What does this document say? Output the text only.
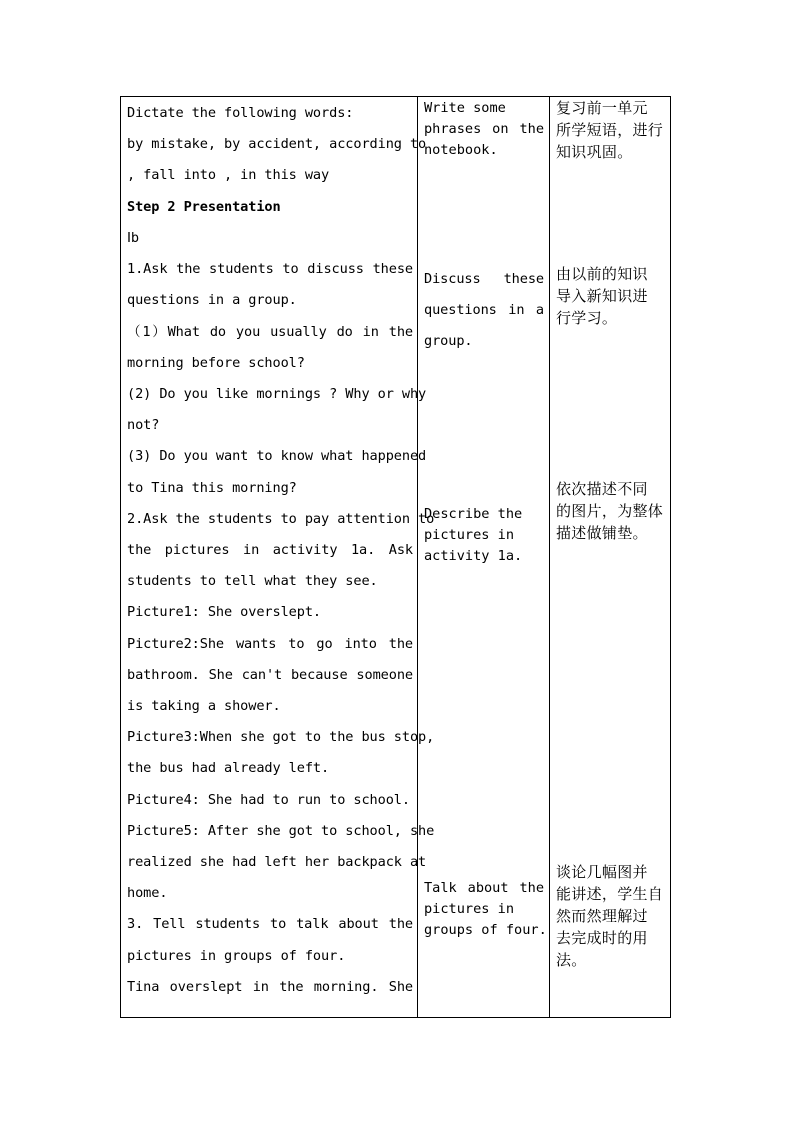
Dictate the following words:
by mistake, by accident, according to
, fall into , in this way
Step 2 Presentation
Ⅰb
1.Ask the students to discuss these
questions in a group.
（1）What do you usually do in the
morning before school?
(2) Do you like mornings ? Why or why
not?
(3) Do you want to know what happened
to Tina this morning?
2.Ask the students to pay attention to
the pictures in activity 1a. Ask
students to tell what they see.
Picture1: She overslept.
Picture2:She wants to go into the
bathroom. She can't because someone
is taking a shower.
Picture3:When she got to the bus stop,
the bus had already left.
Picture4: She had to run to school.
Picture5: After she got to school, she
realized she had left her backpack at
home.
3. Tell students to talk about the
pictures in groups of four.
Tina overslept in the morning. She
Write some
phrases on the
notebook.
Discuss these
questions in a
group.
Describe the
pictures in
activity 1a.
Talk about the
pictures in
groups of four.
复习前一单元
所学短语，进行
知识巩固。
由以前的知识
导入新知识进
行学习。
依次描述不同
的图片，为整体
描述做铺垫。
谈论几幅图并
能讲述，学生自
然而然理解过
去完成时的用
法。
